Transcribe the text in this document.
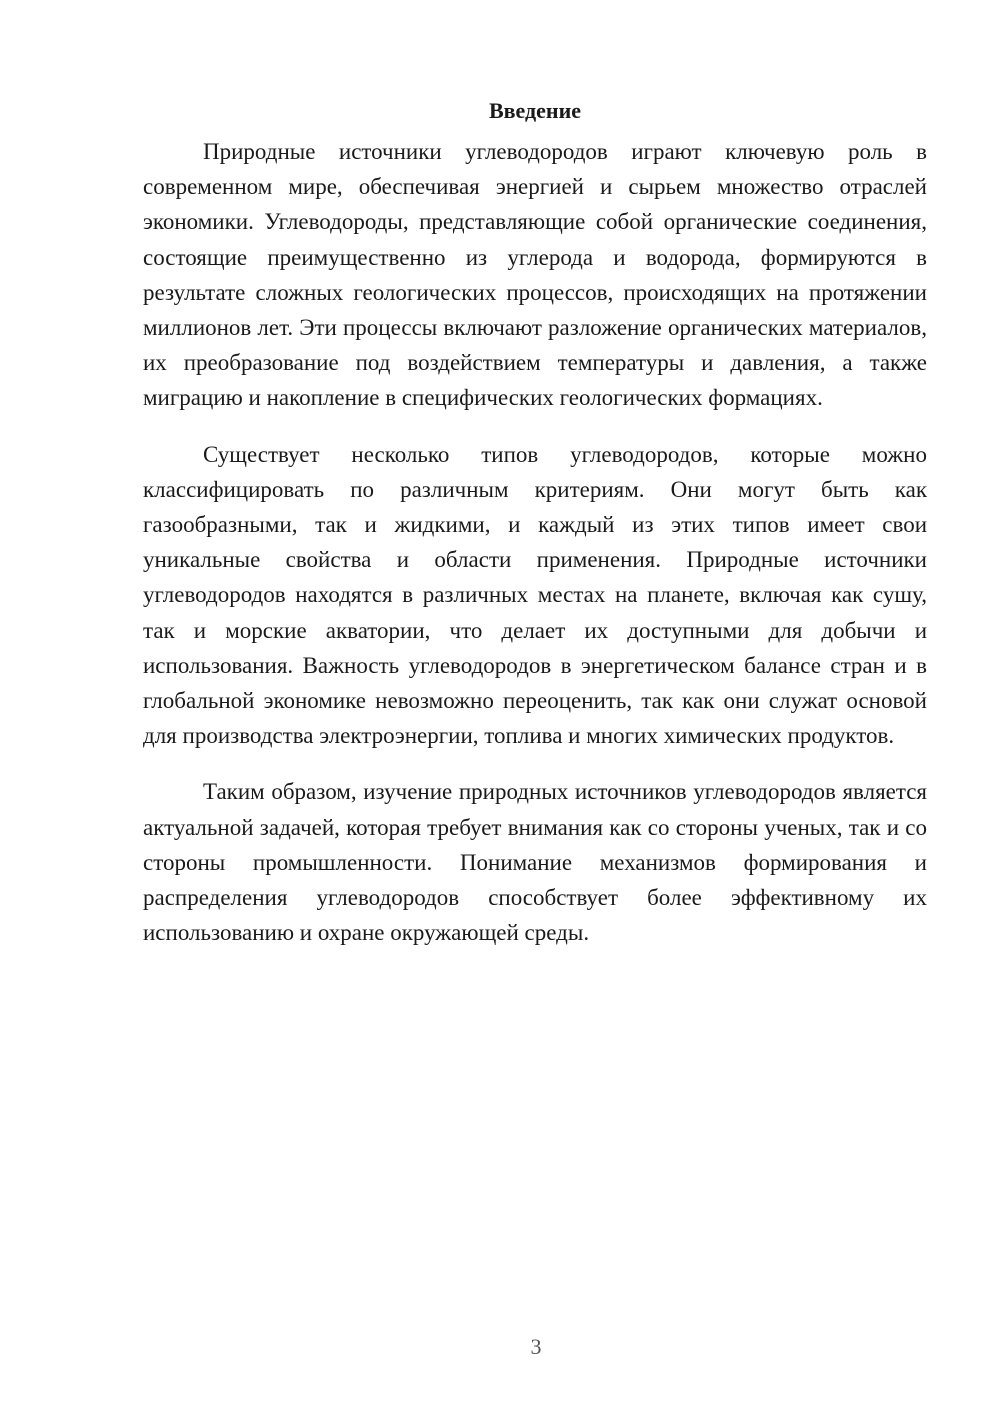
Введение

Природные источники углеводородов играют ключевую роль в современном мире, обеспечивая энергией и сырьем множество отраслей экономики. Углеводороды, представляющие собой органические соединения, состоящие преимущественно из углерода и водорода, формируются в результате сложных геологических процессов, происходящих на протяжении миллионов лет. Эти процессы включают разложение органических материалов, их преобразование под воздействием температуры и давления, а также миграцию и накопление в специфических геологических формациях.

Существует несколько типов углеводородов, которые можно классифицировать по различным критериям. Они могут быть как газообразными, так и жидкими, и каждый из этих типов имеет свои уникальные свойства и области применения. Природные источники углеводородов находятся в различных местах на планете, включая как сушу, так и морские акватории, что делает их доступными для добычи и использования. Важность углеводородов в энергетическом балансе стран и в глобальной экономике невозможно переоценить, так как они служат основой для производства электроэнергии, топлива и многих химических продуктов.

Таким образом, изучение природных источников углеводородов является актуальной задачей, которая требует внимания как со стороны ученых, так и со стороны промышленности. Понимание механизмов формирования и распределения углеводородов способствует более эффективному их использованию и охране окружающей среды.

3
